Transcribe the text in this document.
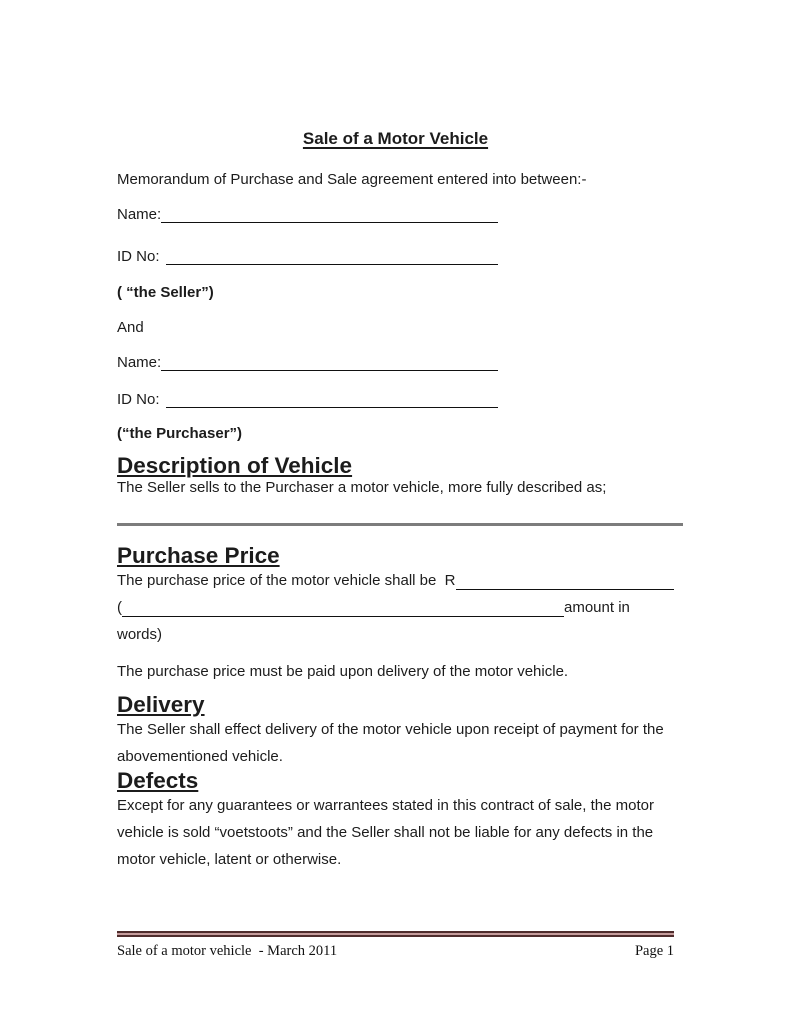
Sale of a Motor Vehicle

Memorandum of Purchase and Sale agreement entered into between:-

Name:
ID No:

( “the Seller”)

And

Name:
ID No:

(“the Purchaser”)

Description of Vehicle

The Seller sells to the Purchaser a motor vehicle, more fully described as;

Purchase Price
The purchase price of the motor vehicle shall be  R
(	amount in
words)

The purchase price must be paid upon delivery of the motor vehicle.

Delivery

The Seller shall effect delivery of the motor vehicle upon receipt of payment for the abovementioned vehicle.

Defects

Except for any guarantees or warrantees stated in this contract of sale, the motor vehicle is sold “voetstoots” and the Seller shall not be liable for any defects in the motor vehicle, latent or otherwise.

Sale of a motor vehicle  - March 2011	Page 1
